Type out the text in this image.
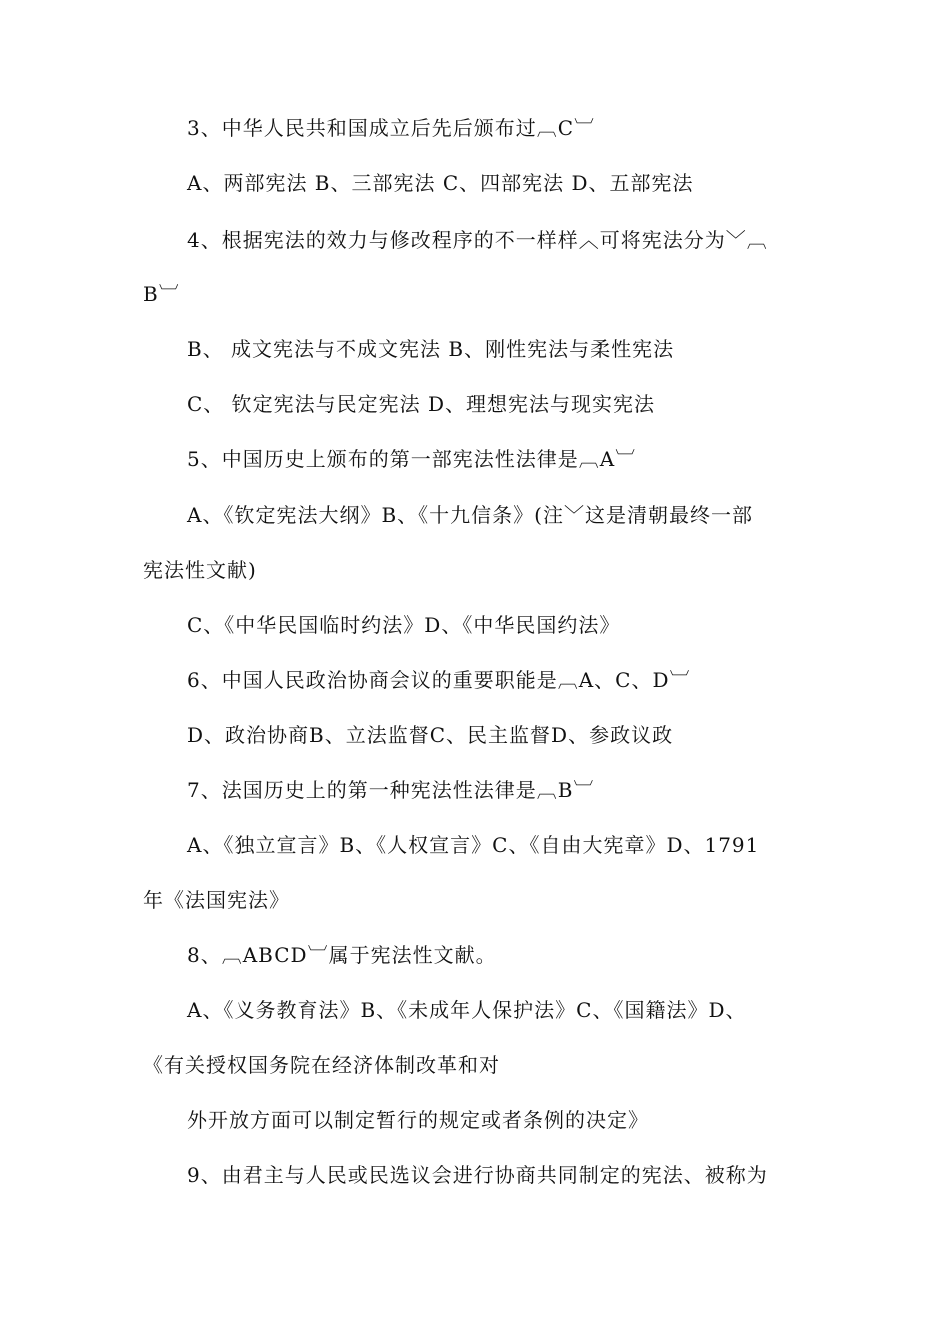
3、中华人民共和国成立后先后颁布过︹C︺
A、两部宪法 B、三部宪法 C、四部宪法 D、五部宪法
4、根据宪法的效力与修改程序的不一样样︿可将宪法分为﹀︹
B︺
B、 成文宪法与不成文宪法 B、刚性宪法与柔性宪法
C、 钦定宪法与民定宪法 D、理想宪法与现实宪法
5、中国历史上颁布的第一部宪法性法律是︹A︺
A、《钦定宪法大纲》B、《十九信条》(注﹀这是清朝最终一部
宪法性文献)
C、《中华民国临时约法》D、《中华民国约法》
6、中国人民政治协商会议的重要职能是︹A、C、D︺
D、政治协商B、立法监督C、民主监督D、参政议政
7、法国历史上的第一种宪法性法律是︹B︺
A、《独立宣言》B、《人权宣言》C、《自由大宪章》D、1791
年《法国宪法》
8、︹ABCD︺属于宪法性文献。
A、《义务教育法》B、《未成年人保护法》C、《国籍法》D、
《有关授权国务院在经济体制改革和对
外开放方面可以制定暂行的规定或者条例的决定》
9、由君主与人民或民选议会进行协商共同制定的宪法、被称为
